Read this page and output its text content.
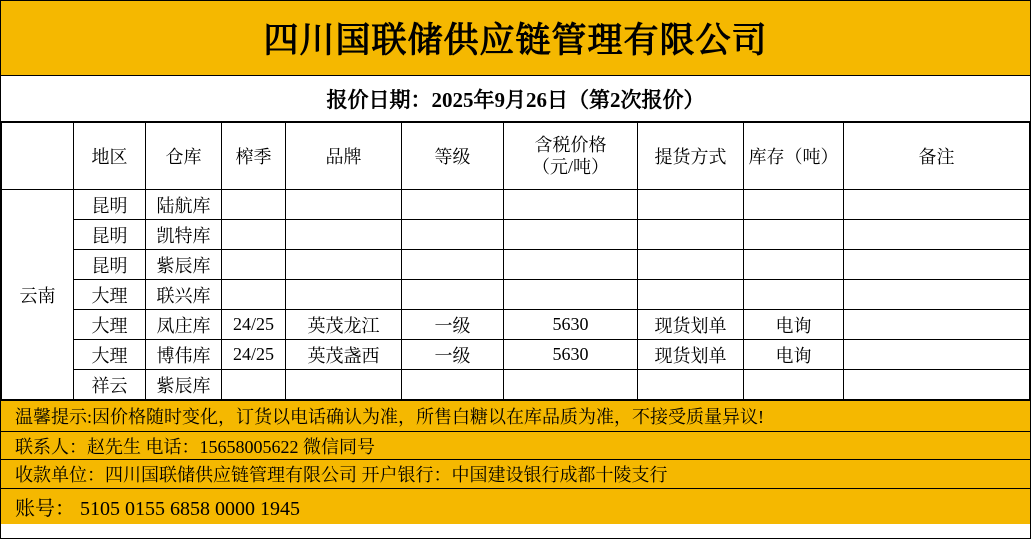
四川国联储供应链管理有限公司
报价日期：2025年9月26日（第2次报价）
	地区	仓库	榨季	品牌	等级	含税价格
（元/吨）	提货方式	库存（吨）	备注
云南	昆明	陆航库							
	昆明	凯特库							
	昆明	紫辰库							
	大理	联兴库							
	大理	凤庄库	24/25	英茂龙江	一级	5630	现货划单	电询	
	大理	博伟库	24/25	英茂盏西	一级	5630	现货划单	电询	
	祥云	紫辰库							
温馨提示:因价格随时变化，订货以电话确认为准，所售白糖以在库品质为准，不接受质量异议!
联系人：赵先生 电话：15658005622 微信同号
收款单位：四川国联储供应链管理有限公司 开户银行：中国建设银行成都十陵支行
账号： 5105 0155 6858 0000 1945
